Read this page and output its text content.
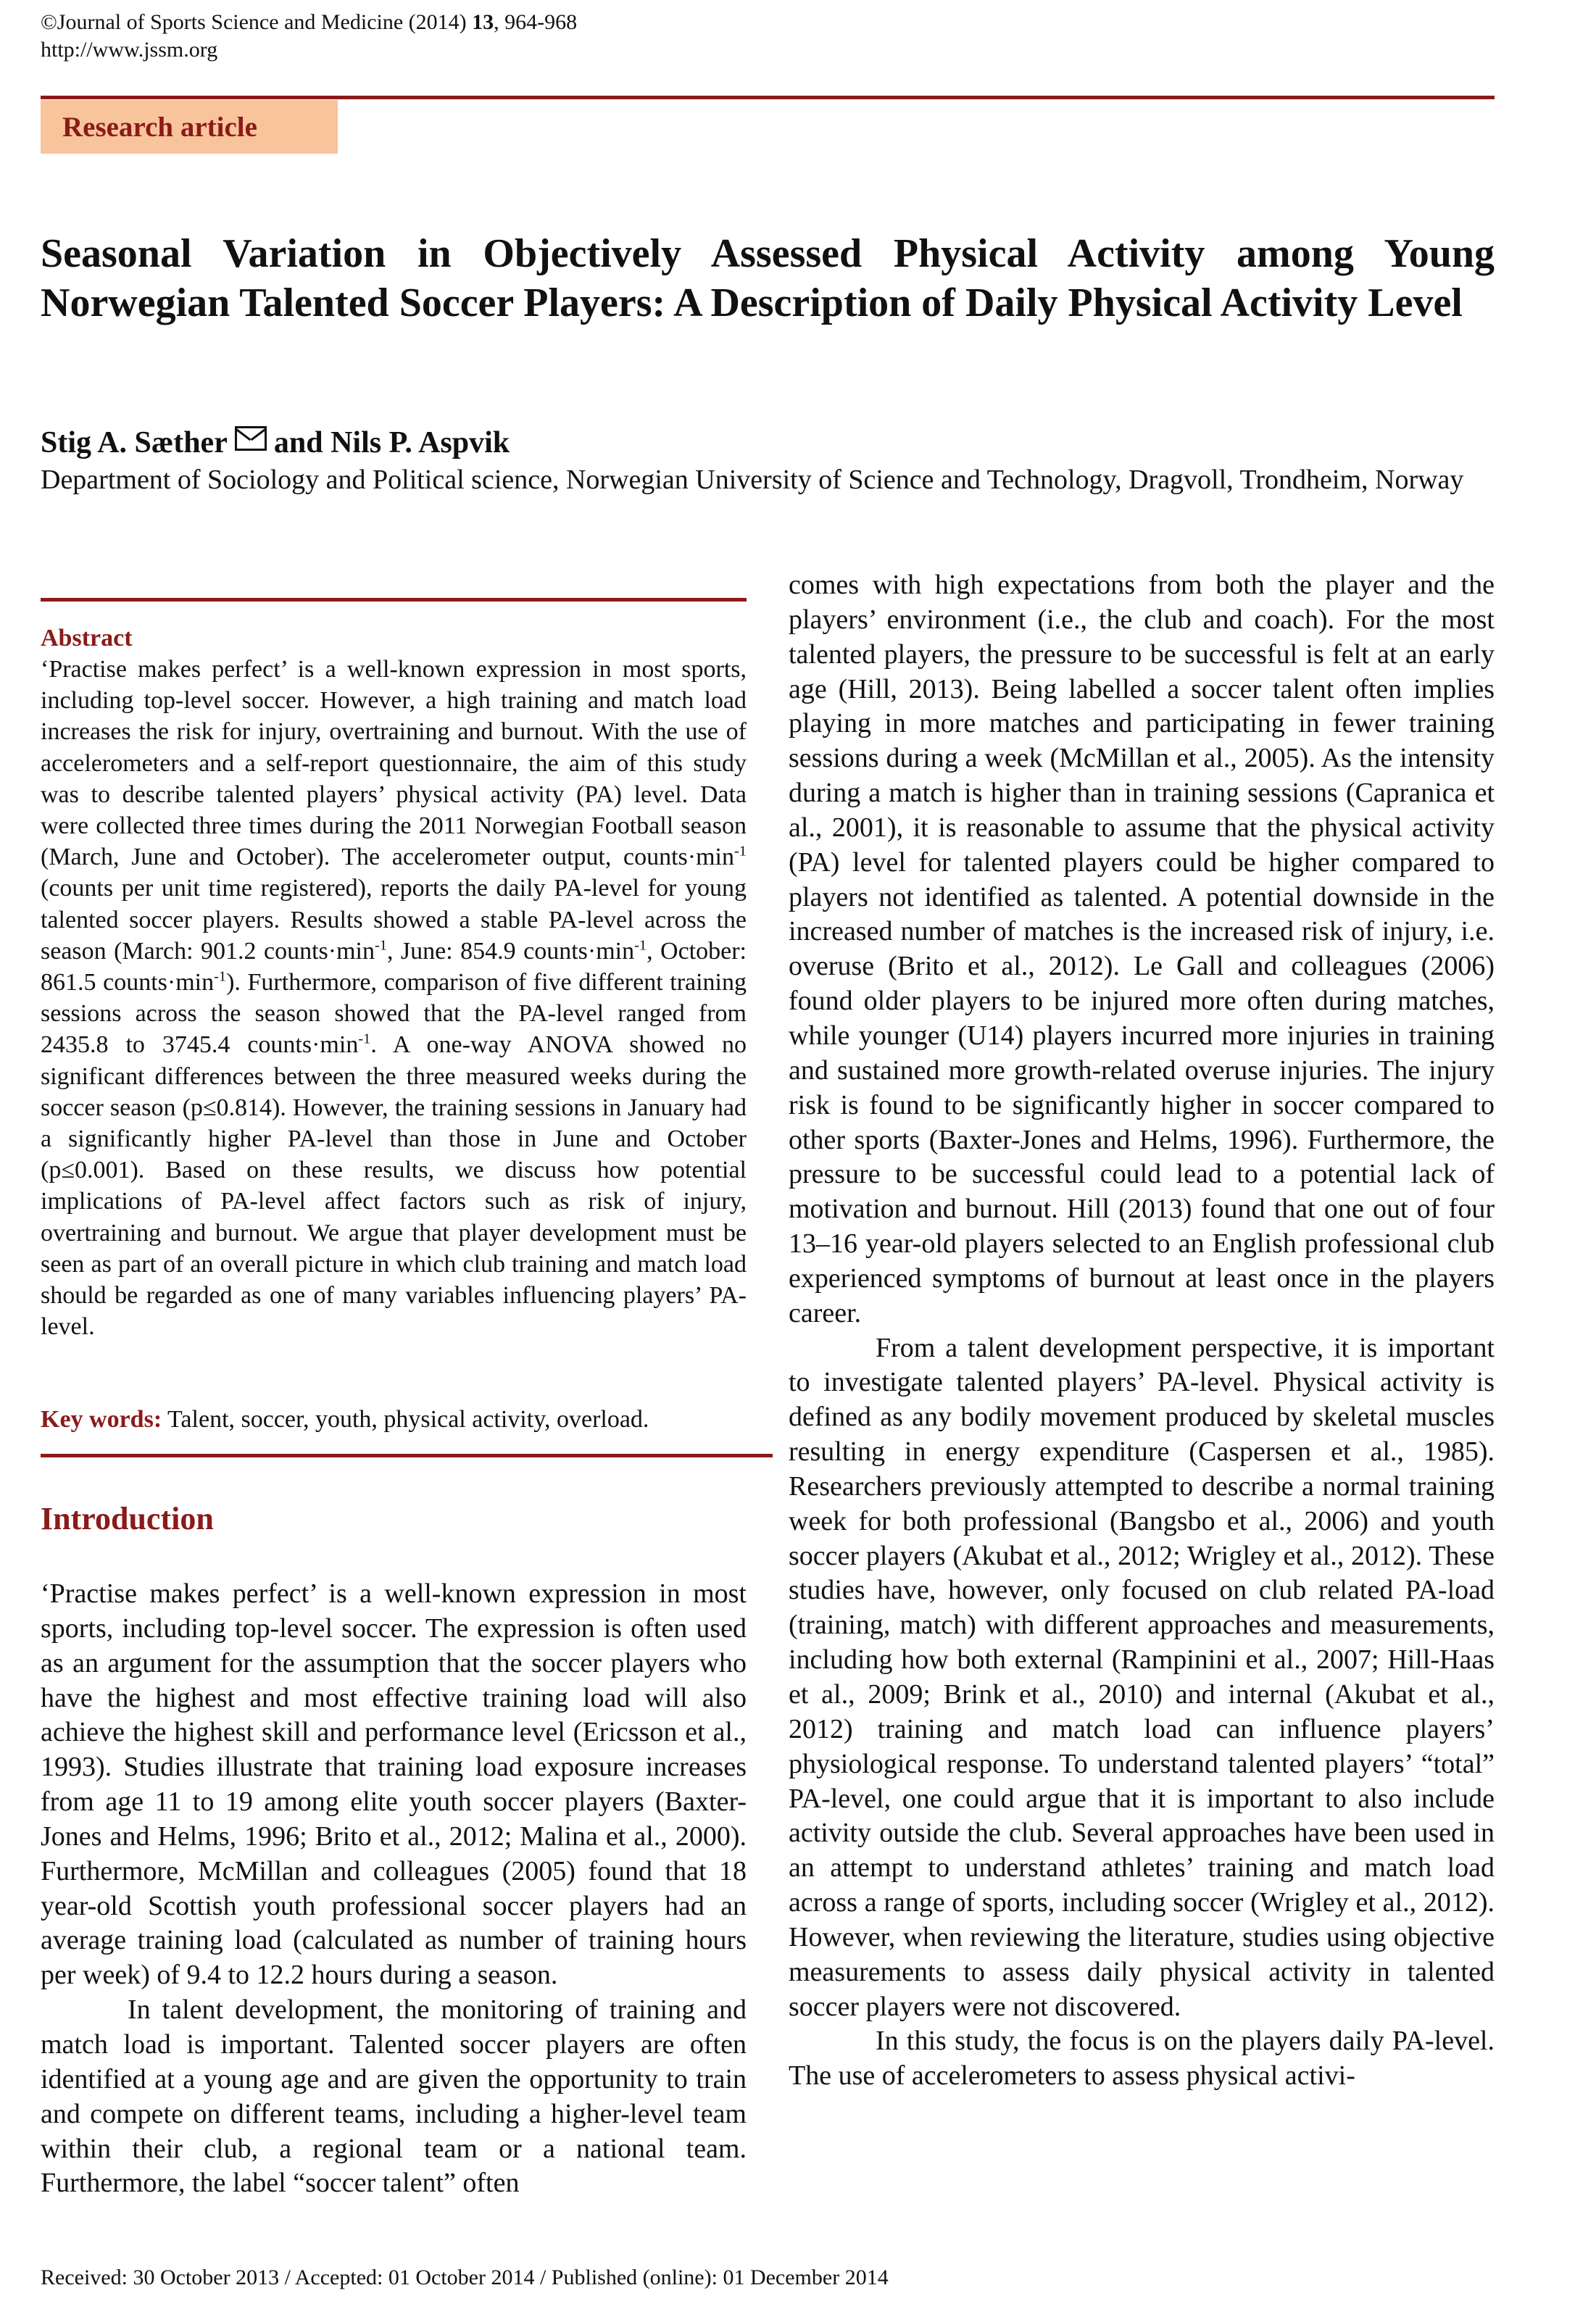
©Journal of Sports Science and Medicine (2014) 13, 964-968
http://www.jssm.org
Research article
Seasonal Variation in Objectively Assessed Physical Activity among Young Norwegian Talented Soccer Players: A Description of Daily Physical Activity Level
Stig A. Sæther and Nils P. Aspvik
Department of Sociology and Political science, Norwegian University of Science and Technology, Dragvoll, Trondheim, Norway
Abstract

‘Practise makes perfect’ is a well-known expression in most sports, including top-level soccer. However, a high training and match load increases the risk for injury, overtraining and burnout. With the use of accelerometers and a self-report questionnaire, the aim of this study was to describe talented players’ physical activity (PA) level. Data were collected three times during the 2011 Norwegian Football season (March, June and October). The accelerometer output, $counts\cdot\min^{-1}$ (counts per unit time registered), reports the daily PA-level for young talented soccer players. Results showed a stable PA-level across the season (March: 901.2 $counts\cdot\min^{-1}$, June: 854.9 $counts\cdot\min^{-1}$, October: 861.5 $counts\cdot\min^{-1}$). Furthermore, comparison of five different training sessions across the season showed that the PA-level ranged from 2435.8 to 3745.4 $counts\cdot\min^{-1}$. A one-way ANOVA showed no significant differences between the three measured weeks during the soccer season (p≤0.814). However, the training sessions in January had a significantly higher PA-level than those in June and October (p≤0.001). Based on these results, we discuss how potential implications of PA-level affect factors such as risk of injury, overtraining and burnout. We argue that player development must be seen as part of an overall picture in which club training and match load should be regarded as one of many variables influencing players’ PA-level.

Key words: Talent, soccer, youth, physical activity, overload.
Introduction

‘Practise makes perfect’ is a well-known expression in most sports, including top-level soccer. The expression is often used as an argument for the assumption that the soccer players who have the highest and most effective training load will also achieve the highest skill and performance level (Ericsson et al., 1993). Studies illustrate that training load exposure increases from age 11 to 19 among elite youth soccer players (Baxter-Jones and Helms, 1996; Brito et al., 2012; Malina et al., 2000). Furthermore, McMillan and colleagues (2005) found that 18 year-old Scottish youth professional soccer players had an average training load (calculated as number of training hours per week) of 9.4 to 12.2 hours during a season.

In talent development, the monitoring of training and match load is important. Talented soccer players are often identified at a young age and are given the opportunity to train and compete on different teams, including a higher-level team within their club, a regional team or a national team. Furthermore, the label “soccer talent” often

comes with high expectations from both the player and the players’ environment (i.e., the club and coach). For the most talented players, the pressure to be successful is felt at an early age (Hill, 2013). Being labelled a soccer talent often implies playing in more matches and participating in fewer training sessions during a week (McMillan et al., 2005). As the intensity during a match is higher than in training sessions (Capranica et al., 2001), it is reasonable to assume that the physical activity (PA) level for talented players could be higher compared to players not identified as talented. A potential downside in the increased number of matches is the increased risk of injury, i.e. overuse (Brito et al., 2012). Le Gall and colleagues (2006) found older players to be injured more often during matches, while younger (U14) players incurred more injuries in training and sustained more growth-related overuse injuries. The injury risk is found to be significantly higher in soccer compared to other sports (Baxter-Jones and Helms, 1996). Furthermore, the pressure to be successful could lead to a potential lack of motivation and burnout. Hill (2013) found that one out of four 13–16 year-old players selected to an English professional club experienced symptoms of burnout at least once in the players career.

From a talent development perspective, it is important to investigate talented players’ PA-level. Physical activity is defined as any bodily movement produced by skeletal muscles resulting in energy expenditure (Caspersen et al., 1985). Researchers previously attempted to describe a normal training week for both professional (Bangsbo et al., 2006) and youth soccer players (Akubat et al., 2012; Wrigley et al., 2012). These studies have, however, only focused on club related PA-load (training, match) with different approaches and measurements, including how both external (Rampinini et al., 2007; Hill-Haas et al., 2009; Brink et al., 2010) and internal (Akubat et al., 2012) training and match load can influence players’ physiological response. To understand talented players’ “total” PA-level, one could argue that it is important to also include activity outside the club. Several approaches have been used in an attempt to understand athletes’ training and match load across a range of sports, including soccer (Wrigley et al., 2012). However, when reviewing the literature, studies using objective measurements to assess daily physical activity in talented soccer players were not discovered.

In this study, the focus is on the players daily PA-level. The use of accelerometers to assess physical activi-

Received: 30 October 2013 / Accepted: 01 October 2014 / Published (online): 01 December 2014
